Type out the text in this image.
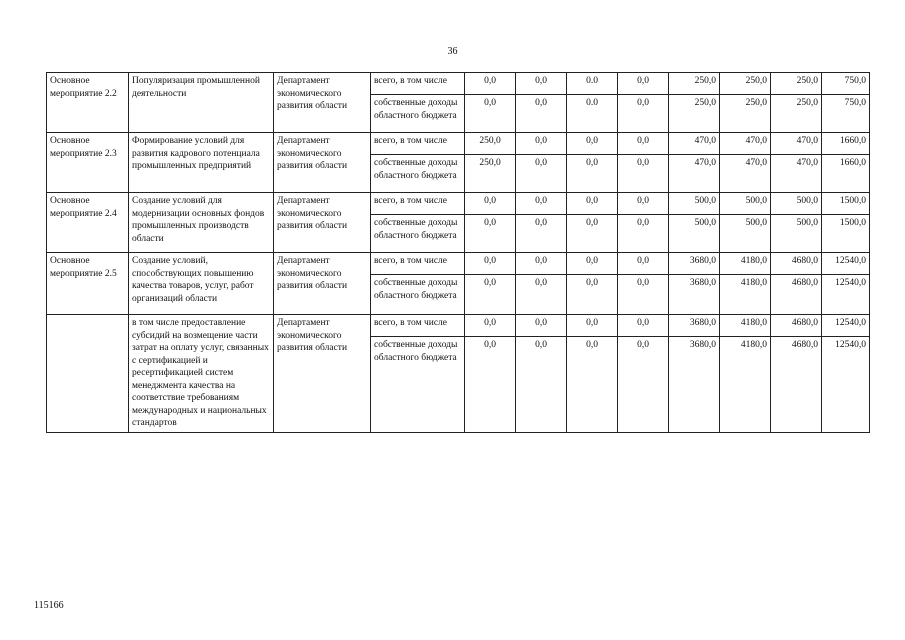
36
Основное мероприятие 2.2	Популяризация промышленной деятельности	Департамент экономического развития области	всего, в том числе	0,0	0,0	0.0	0,0	250,0	250,0	250,0	750,0
			собственные доходы областного бюджета	0,0	0,0	0.0	0,0	250,0	250,0	250,0	750,0
Основное мероприятие 2.3	Формирование условий для развития кадрового потенциала промышленных предприятий	Департамент экономического развития области	всего, в том числе	250,0	0,0	0,0	0,0	470,0	470,0	470,0	1660,0
			собственные доходы областного бюджета	250,0	0,0	0,0	0,0	470,0	470,0	470,0	1660,0
Основное мероприятие 2.4	Создание условий для модернизации основных фондов промышленных производств области	Департамент экономического развития области	всего, в том числе	0,0	0,0	0,0	0,0	500,0	500,0	500,0	1500,0
			собственные доходы областного бюджета	0,0	0,0	0,0	0,0	500,0	500,0	500,0	1500,0
Основное мероприятие 2.5	Создание условий, способствующих повышению качества товаров, услуг, работ организаций области	Департамент экономического развития области	всего, в том числе	0,0	0,0	0,0	0,0	3680,0	4180,0	4680,0	12540,0
			собственные доходы областного бюджета	0,0	0,0	0,0	0,0	3680,0	4180,0	4680,0	12540,0
	в том числе предоставление субсидий на возмещение части затрат на оплату услуг, связанных с сертификацией и ресертификацией систем менеджмента качества на соответствие требованиям международных и национальных стандартов	Департамент экономического развития области	всего, в том числе	0,0	0,0	0,0	0,0	3680,0	4180,0	4680,0	12540,0
			собственные доходы областного бюджета	0,0	0,0	0,0	0,0	3680,0	4180,0	4680,0	12540,0
115166
